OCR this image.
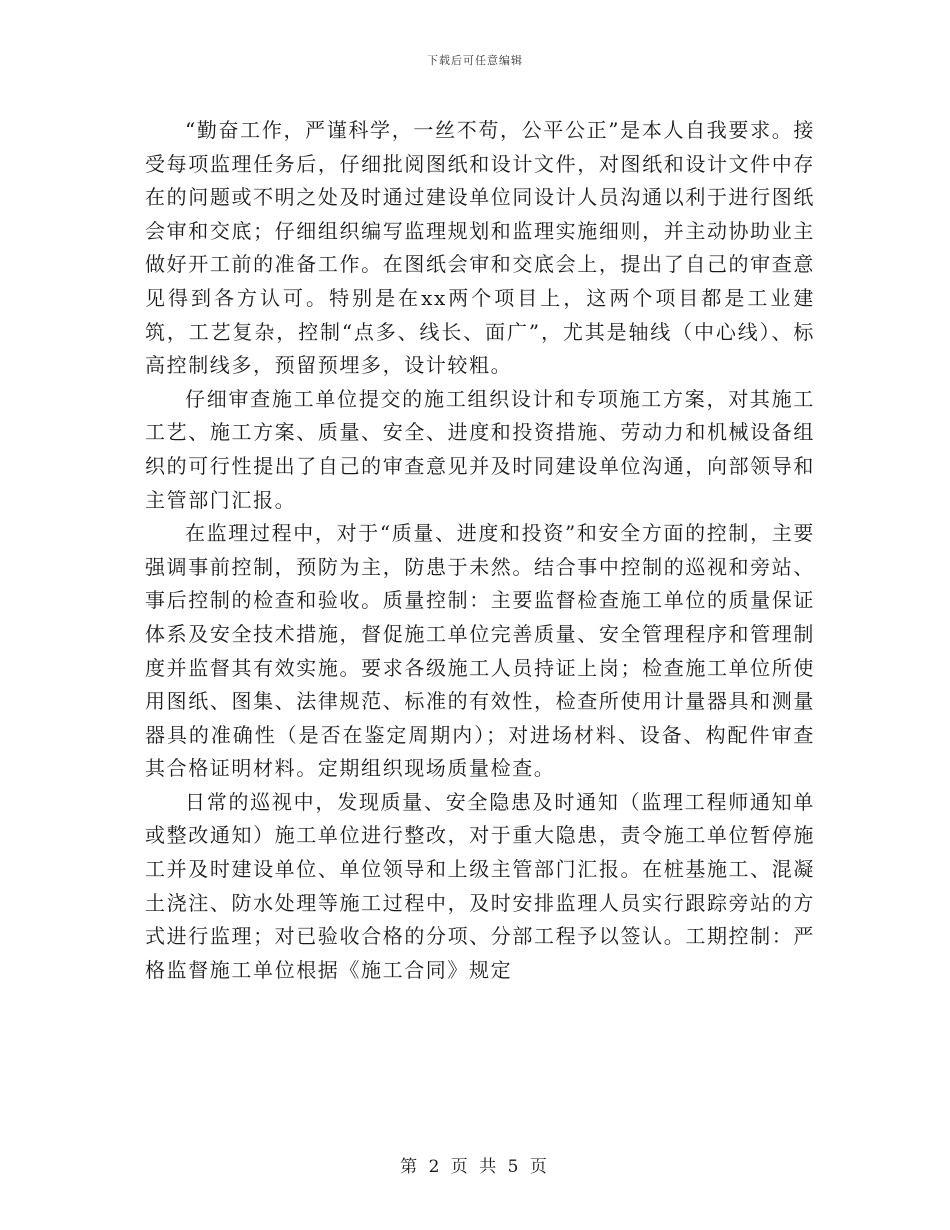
下载后可任意编辑

“勤奋工作，严谨科学，一丝不苟，公平公正”是本人自我要求。接受每项监理任务后，仔细批阅图纸和设计文件，对图纸和设计文件中存在的问题或不明之处及时通过建设单位同设计人员沟通以利于进行图纸会审和交底；仔细组织编写监理规划和监理实施细则，并主动协助业主做好开工前的准备工作。在图纸会审和交底会上，提出了自己的审查意见得到各方认可。特别是在xx两个项目上，这两个项目都是工业建筑，工艺复杂，控制“点多、线长、面广”，尤其是轴线（中心线）、标高控制线多，预留预埋多，设计较粗。

仔细审查施工单位提交的施工组织设计和专项施工方案，对其施工工艺、施工方案、质量、安全、进度和投资措施、劳动力和机械设备组织的可行性提出了自己的审查意见并及时同建设单位沟通，向部领导和主管部门汇报。

在监理过程中，对于“质量、进度和投资”和安全方面的控制，主要强调事前控制，预防为主，防患于未然。结合事中控制的巡视和旁站、事后控制的检查和验收。质量控制：主要监督检查施工单位的质量保证体系及安全技术措施，督促施工单位完善质量、安全管理程序和管理制度并监督其有效实施。要求各级施工人员持证上岗；检查施工单位所使用图纸、图集、法律规范、标准的有效性，检查所使用计量器具和测量器具的准确性（是否在鉴定周期内）；对进场材料、设备、构配件审查其合格证明材料。定期组织现场质量检查。

日常的巡视中，发现质量、安全隐患及时通知（监理工程师通知单或整改通知）施工单位进行整改，对于重大隐患，责令施工单位暂停施工并及时建设单位、单位领导和上级主管部门汇报。在桩基施工、混凝土浇注、防水处理等施工过程中，及时安排监理人员实行跟踪旁站的方式进行监理；对已验收合格的分项、分部工程予以签认。工期控制：严格监督施工单位根据《施工合同》规定

第 2 页 共 5 页
